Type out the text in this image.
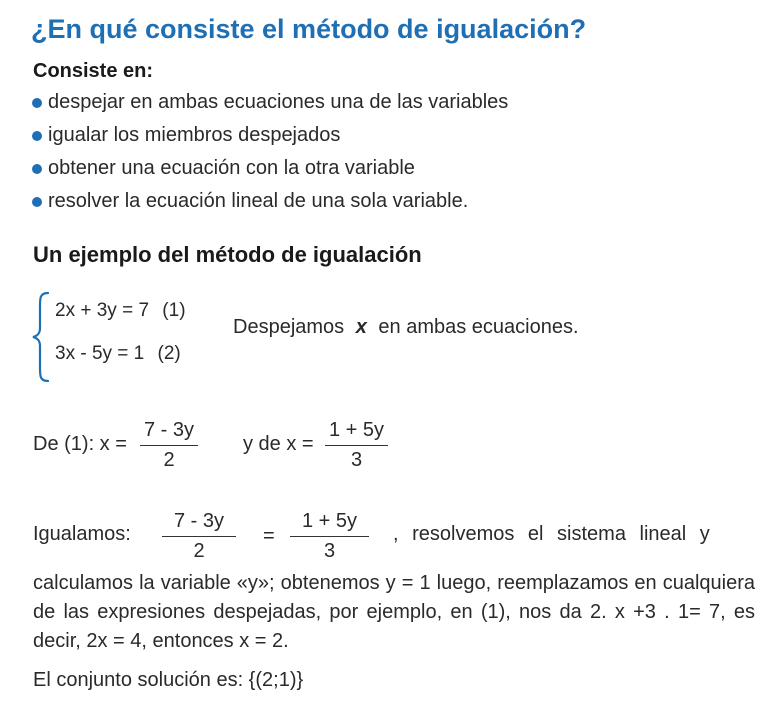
¿En qué consiste el método de igualación?
Consiste en:
despejar en ambas ecuaciones una de las variables
igualar los miembros despejados
obtener una ecuación con la otra variable
resolver la ecuación lineal de una sola variable.
Un ejemplo del método de igualación
2x + 3y = 7 (1)
3x - 5y = 1 (2)
Despejamos x en ambas ecuaciones.
De (1): $x = \frac{7 - 3y}{2}$ y de $x = \frac{1 + 5y}{3}$
Igualamos: $\frac{7 - 3y}{2} = \frac{1 + 5y}{3}$ , resolvemos el sistema lineal y
calculamos la variable «y»; obtenemos y = 1 luego, reemplazamos en cualquiera de las expresiones despejadas, por ejemplo, en (1), nos da 2. x +3 . 1= 7, es decir, 2x = 4, entonces x = 2.
El conjunto solución es: {(2;1)}
